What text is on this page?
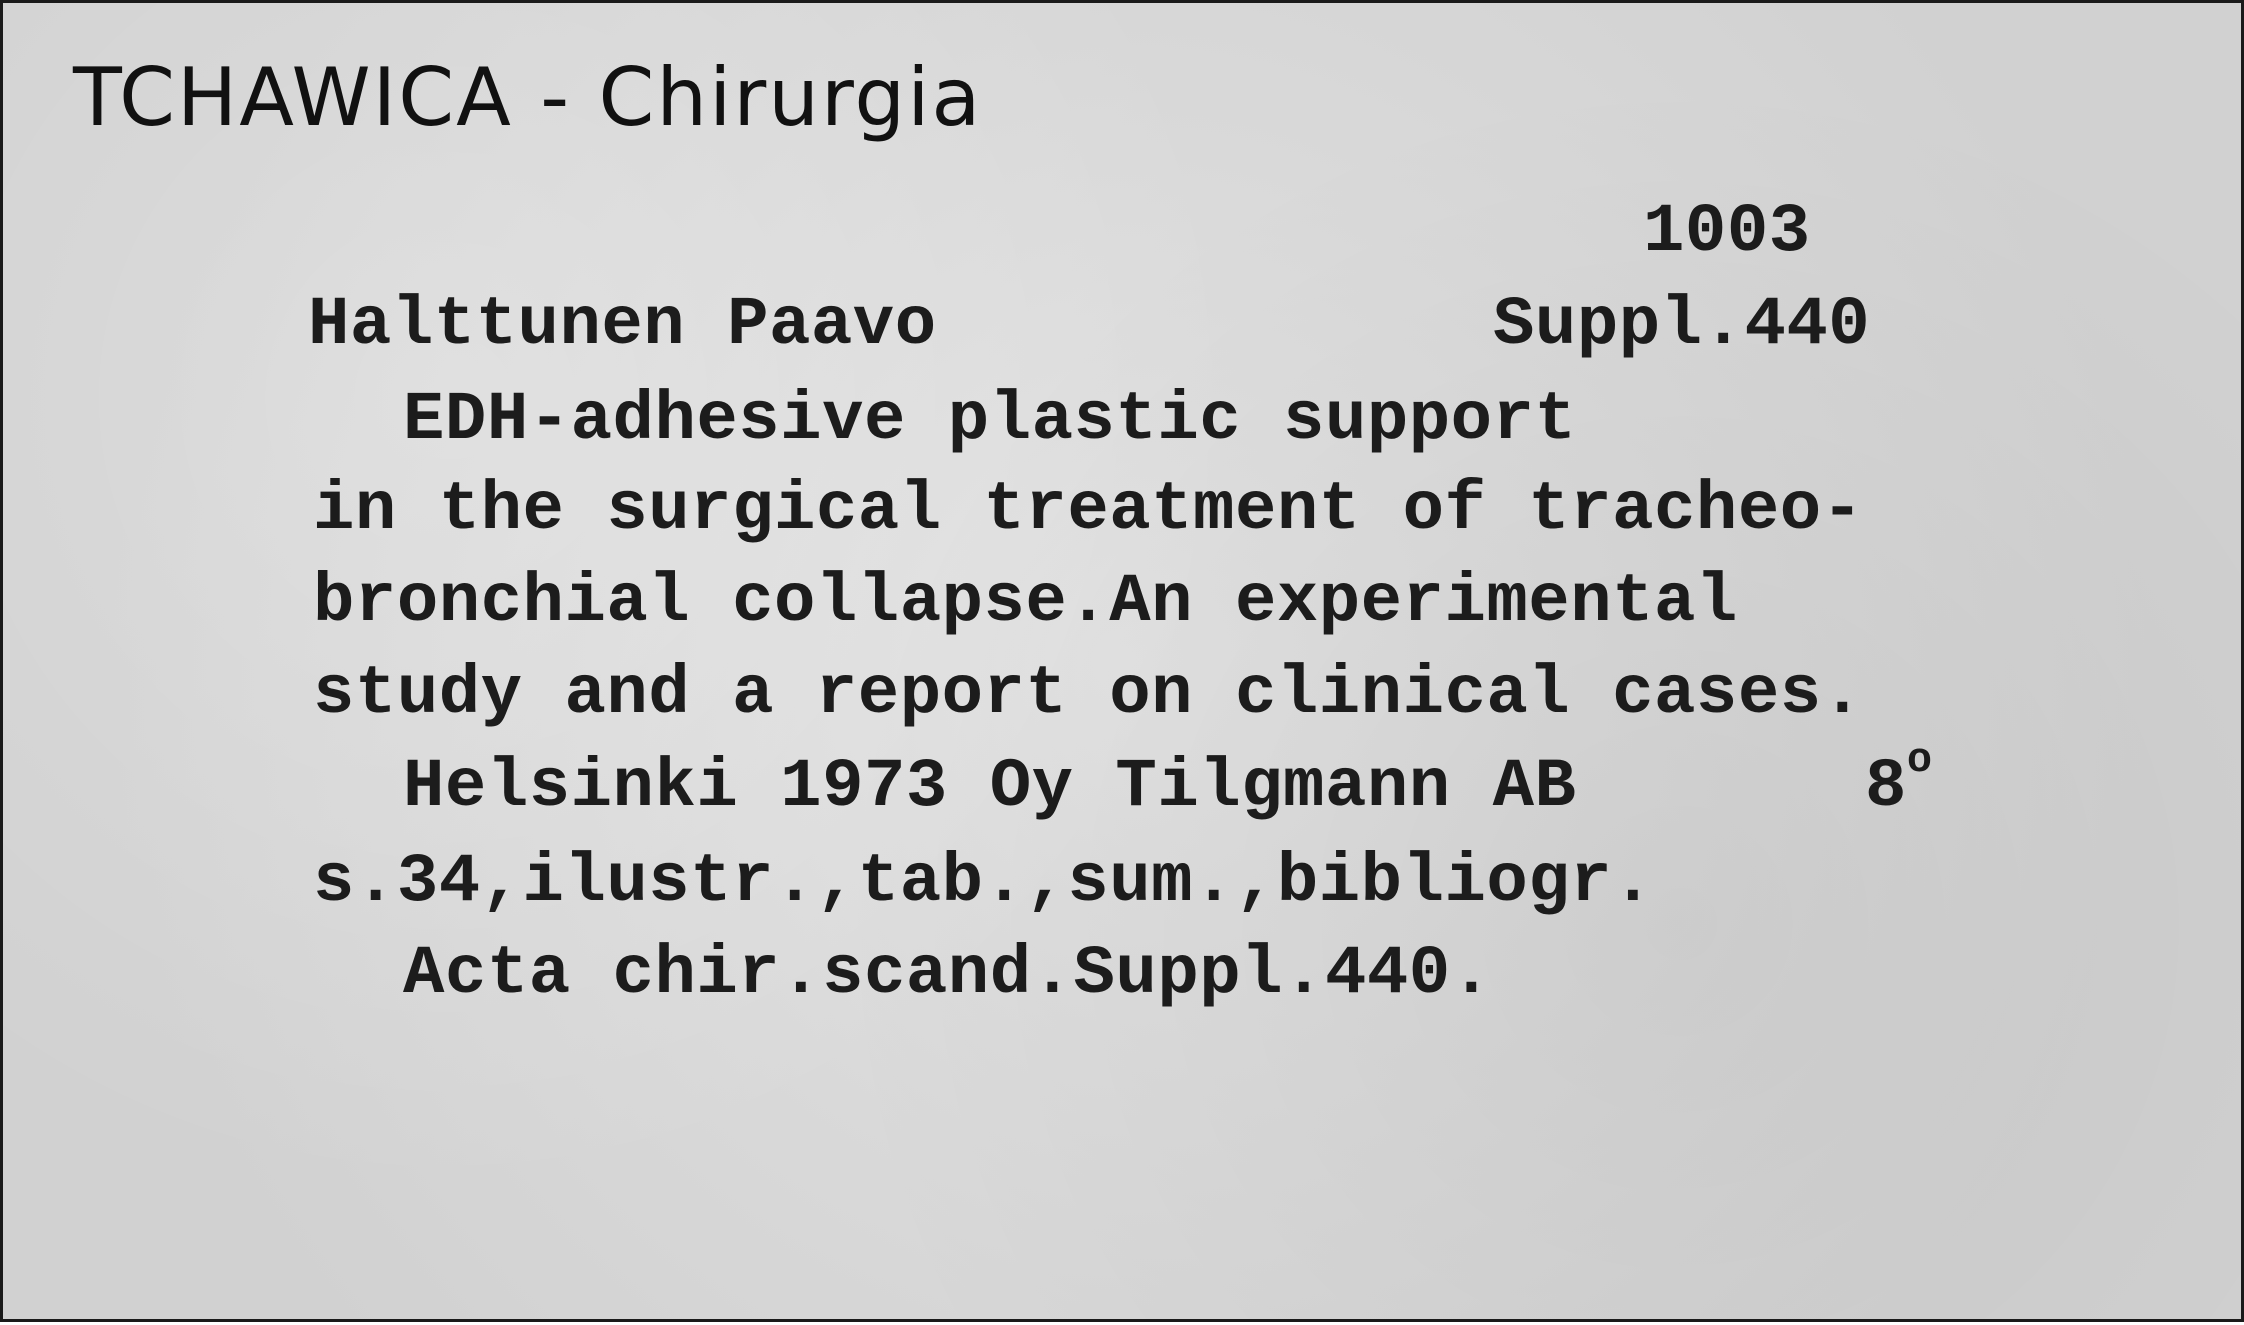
TCHAWICA - Chirurgia
1003
Halttunen Paavo	Suppl.440
EDH-adhesive plastic support
in the surgical treatment of tracheo-
bronchial collapse.An experimental
study and a report on clinical cases.
Helsinki 1973 Oy Tilgmann AB	8$^o$
s.34,ilustr.,tab.,sum.,bibliogr.
Acta chir.scand.Suppl.440.
